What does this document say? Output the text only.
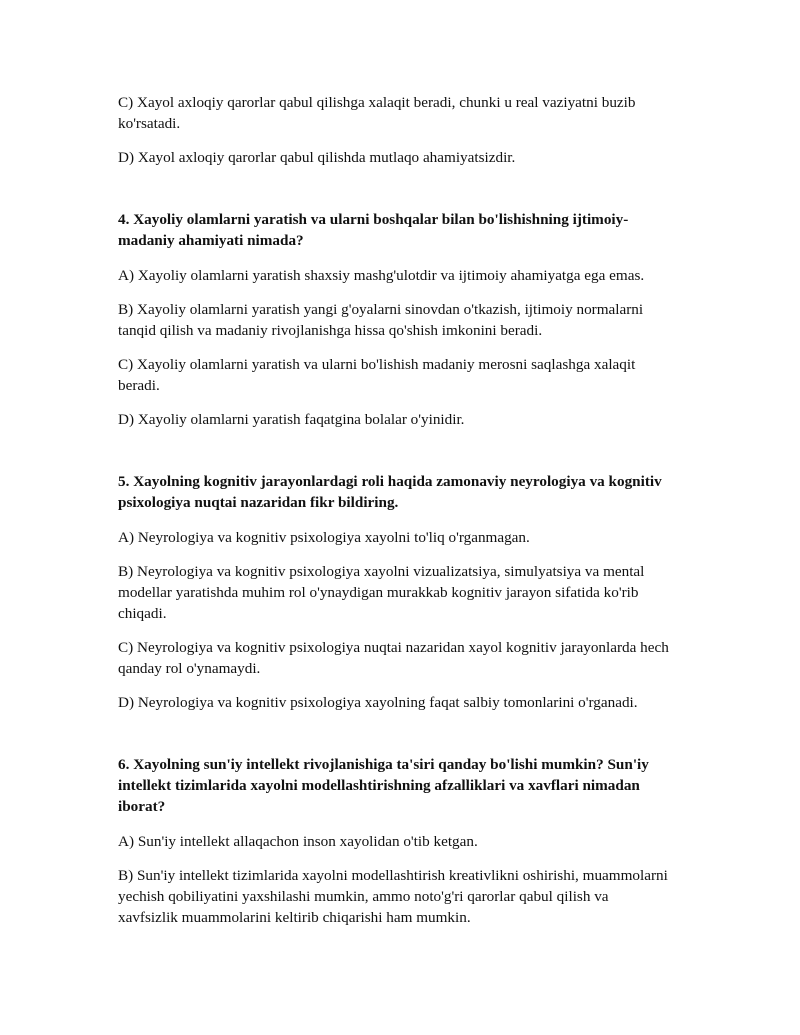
C) Xayol axloqiy qarorlar qabul qilishga xalaqit beradi, chunki u real vaziyatni buzib ko'rsatadi.

D) Xayol axloqiy qarorlar qabul qilishda mutlaqo ahamiyatsizdir.

4. Xayoliy olamlarni yaratish va ularni boshqalar bilan bo'lishishning ijtimoiy-madaniy ahamiyati nimada?

A) Xayoliy olamlarni yaratish shaxsiy mashg'ulotdir va ijtimoiy ahamiyatga ega emas.

B) Xayoliy olamlarni yaratish yangi g'oyalarni sinovdan o'tkazish, ijtimoiy normalarni tanqid qilish va madaniy rivojlanishga hissa qo'shish imkonini beradi.

C) Xayoliy olamlarni yaratish va ularni bo'lishish madaniy merosni saqlashga xalaqit beradi.

D) Xayoliy olamlarni yaratish faqatgina bolalar o'yinidir.

5. Xayolning kognitiv jarayonlardagi roli haqida zamonaviy neyrologiya va kognitiv psixologiya nuqtai nazaridan fikr bildiring.

A) Neyrologiya va kognitiv psixologiya xayolni to'liq o'rganmagan.

B) Neyrologiya va kognitiv psixologiya xayolni vizualizatsiya, simulyatsiya va mental modellar yaratishda muhim rol o'ynaydigan murakkab kognitiv jarayon sifatida ko'rib chiqadi.

C) Neyrologiya va kognitiv psixologiya nuqtai nazaridan xayol kognitiv jarayonlarda hech qanday rol o'ynamaydi.

D) Neyrologiya va kognitiv psixologiya xayolning faqat salbiy tomonlarini o'rganadi.

6. Xayolning sun'iy intellekt rivojlanishiga ta'siri qanday bo'lishi mumkin? Sun'iy intellekt tizimlarida xayolni modellashtirishning afzalliklari va xavflari nimadan iborat?

A) Sun'iy intellekt allaqachon inson xayolidan o'tib ketgan.

B) Sun'iy intellekt tizimlarida xayolni modellashtirish kreativlikni oshirishi, muammolarni yechish qobiliyatini yaxshilashi mumkin, ammo noto'g'ri qarorlar qabul qilish va xavfsizlik muammolarini keltirib chiqarishi ham mumkin.
